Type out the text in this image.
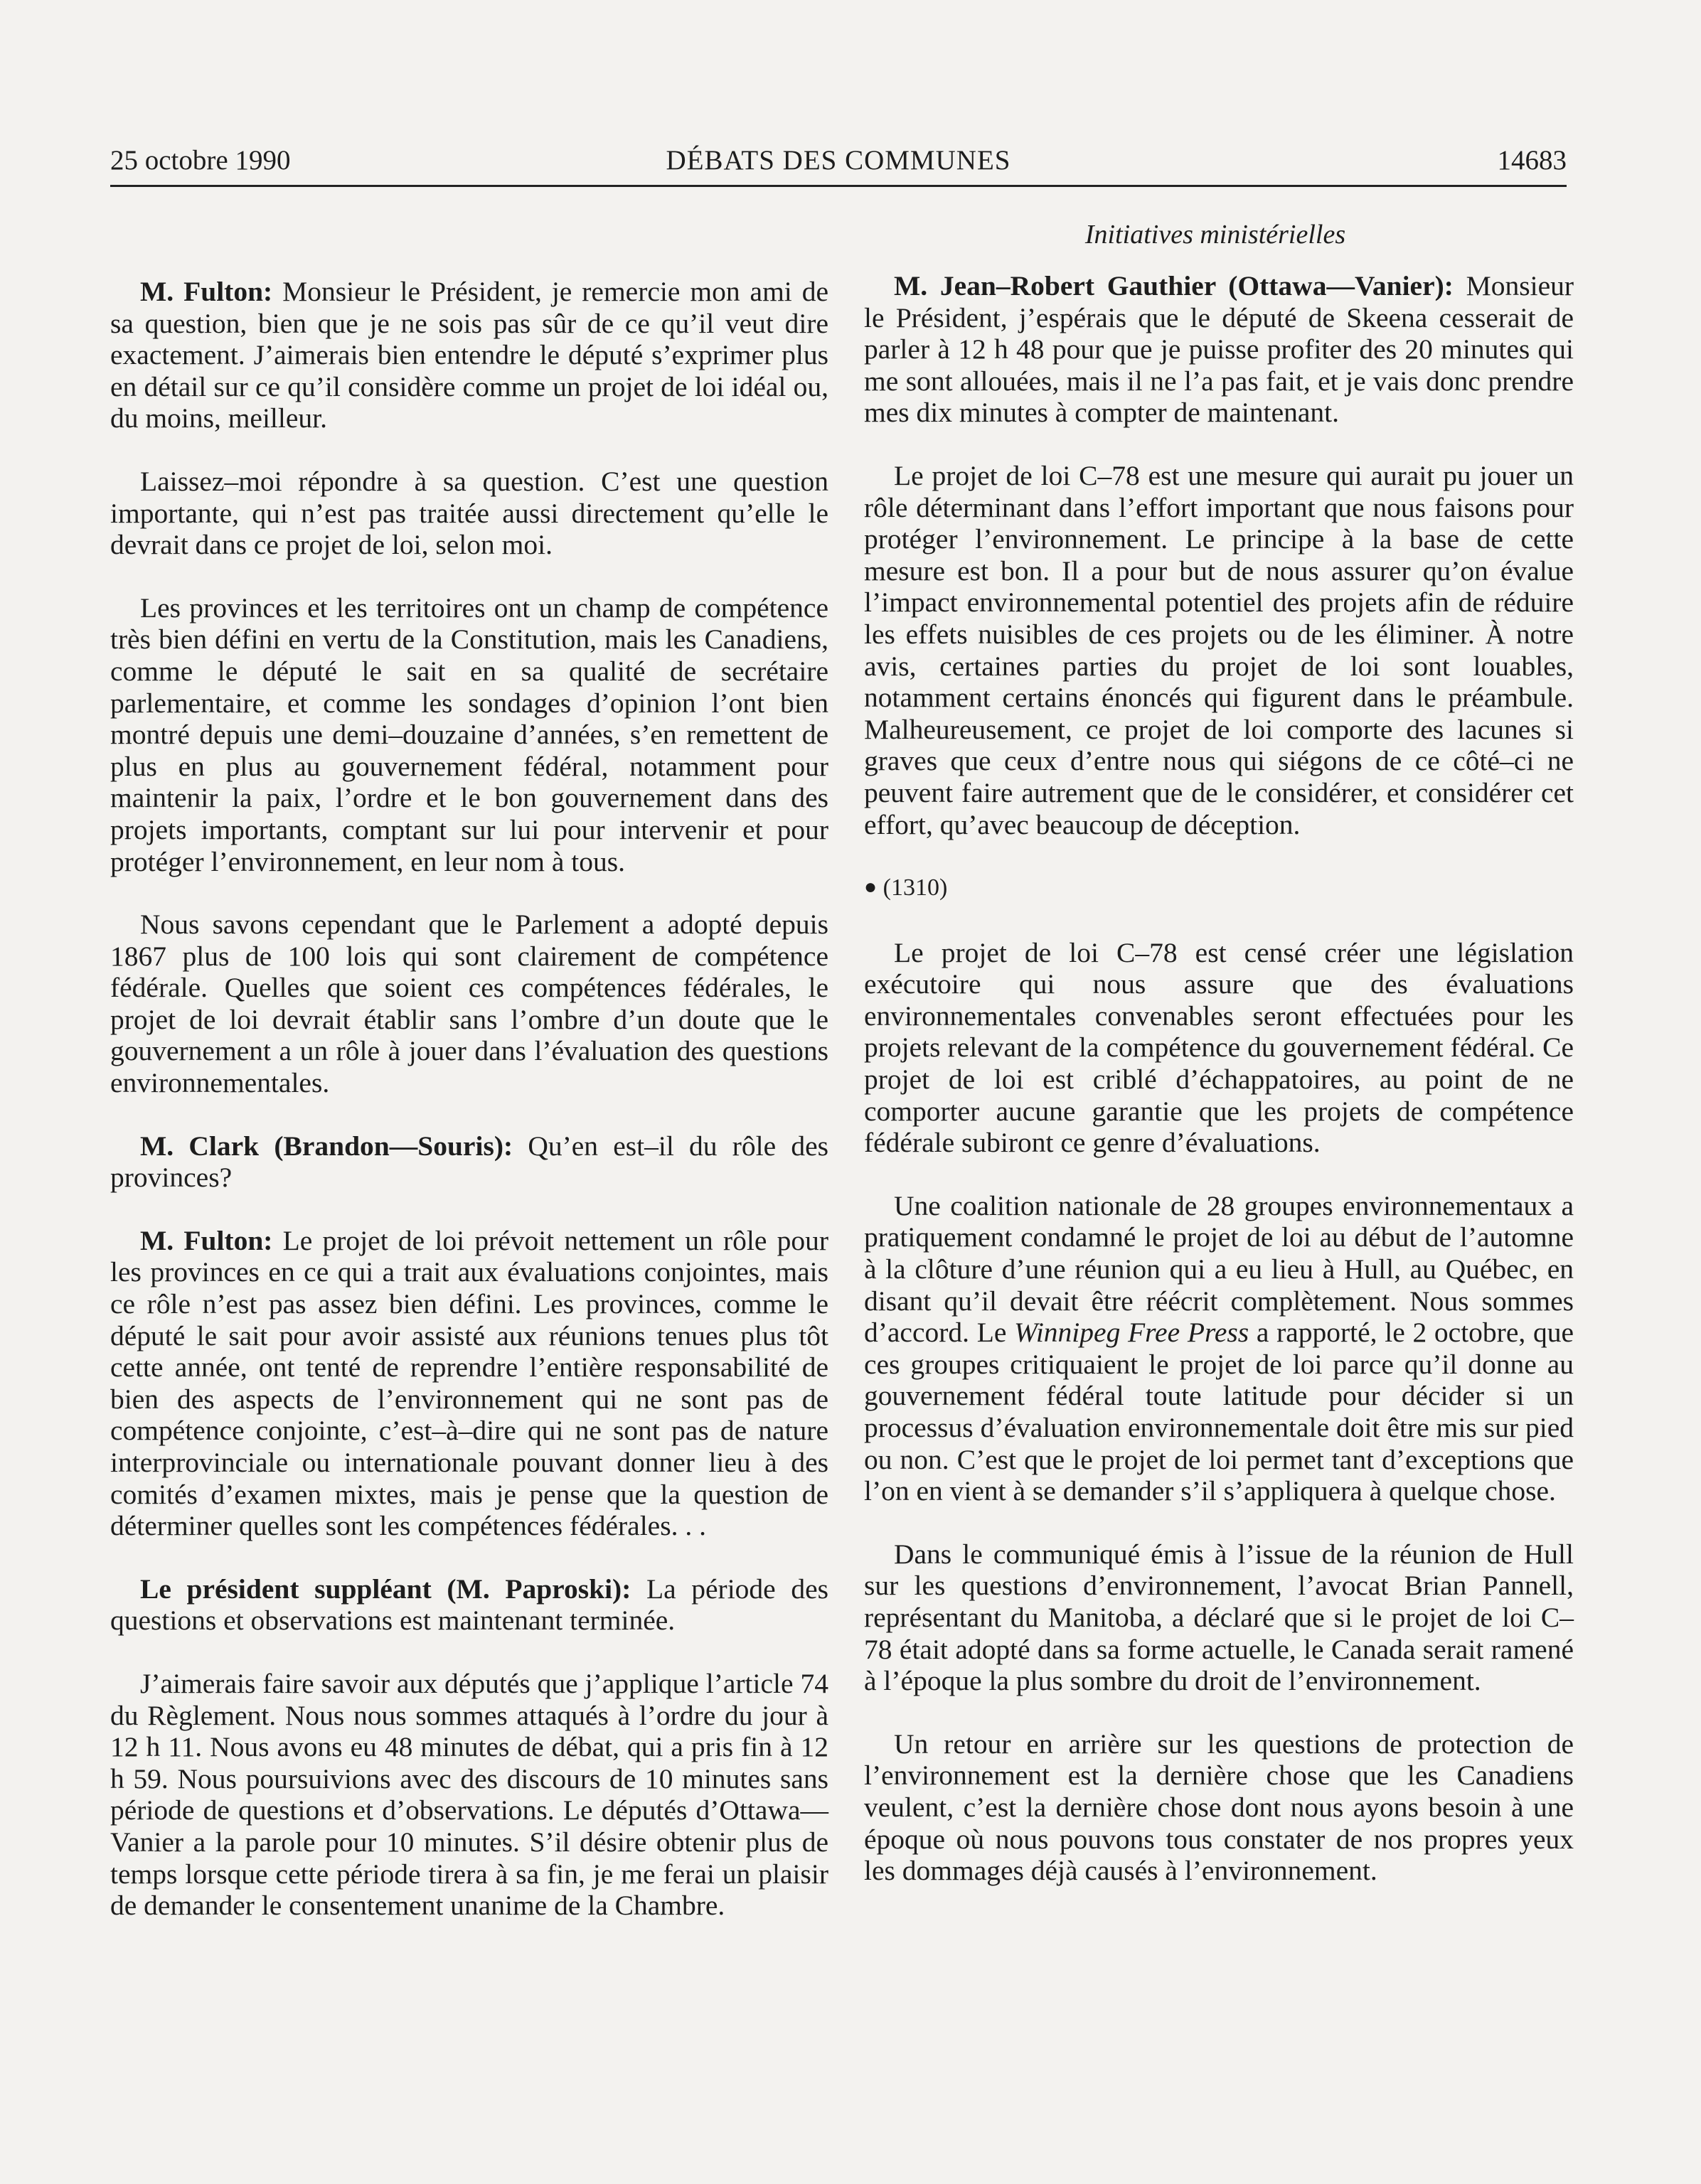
25 octobre 1990	DÉBATS DES COMMUNES	14683
Initiatives ministérielles

M. Fulton: Monsieur le Président, je remercie mon ami de sa question, bien que je ne sois pas sûr de ce qu’il veut dire exactement. J’aimerais bien entendre le député s’exprimer plus en détail sur ce qu’il considère comme un projet de loi idéal ou, du moins, meilleur.

Laissez–moi répondre à sa question. C’est une question importante, qui n’est pas traitée aussi directement qu’elle le devrait dans ce projet de loi, selon moi.

Les provinces et les territoires ont un champ de compétence très bien défini en vertu de la Constitution, mais les Canadiens, comme le député le sait en sa qualité de secrétaire parlementaire, et comme les sondages d’opinion l’ont bien montré depuis une demi–douzaine d’années, s’en remettent de plus en plus au gouvernement fédéral, notamment pour maintenir la paix, l’ordre et le bon gouvernement dans des projets importants, comptant sur lui pour intervenir et pour protéger l’environnement, en leur nom à tous.

Nous savons cependant que le Parlement a adopté depuis 1867 plus de 100 lois qui sont clairement de compétence fédérale. Quelles que soient ces compétences fédérales, le projet de loi devrait établir sans l’ombre d’un doute que le gouvernement a un rôle à jouer dans l’évaluation des questions environnementales.

M. Clark (Brandon—Souris): Qu’en est–il du rôle des provinces?

M. Fulton: Le projet de loi prévoit nettement un rôle pour les provinces en ce qui a trait aux évaluations conjointes, mais ce rôle n’est pas assez bien défini. Les provinces, comme le député le sait pour avoir assisté aux réunions tenues plus tôt cette année, ont tenté de reprendre l’entière responsabilité de bien des aspects de l’environnement qui ne sont pas de compétence conjointe, c’est–à–dire qui ne sont pas de nature interprovinciale ou internationale pouvant donner lieu à des comités d’examen mixtes, mais je pense que la question de déterminer quelles sont les compétences fédérales. . .

Le président suppléant (M. Paproski): La période des questions et observations est maintenant terminée.

J’aimerais faire savoir aux députés que j’applique l’article 74 du Règlement. Nous nous sommes attaqués à l’ordre du jour à 12 h 11. Nous avons eu 48 minutes de débat, qui a pris fin à 12 h 59. Nous poursuivions avec des discours de 10 minutes sans période de questions et d’observations. Le députés d’Ottawa—Vanier a la parole pour 10 minutes. S’il désire obtenir plus de temps lorsque cette période tirera à sa fin, je me ferai un plaisir de demander le consentement unanime de la Chambre.

M. Jean–Robert Gauthier (Ottawa—Vanier): Monsieur le Président, j’espérais que le député de Skeena cesserait de parler à 12 h 48 pour que je puisse profiter des 20 minutes qui me sont allouées, mais il ne l’a pas fait, et je vais donc prendre mes dix minutes à compter de maintenant.

Le projet de loi C–78 est une mesure qui aurait pu jouer un rôle déterminant dans l’effort important que nous faisons pour protéger l’environnement. Le principe à la base de cette mesure est bon. Il a pour but de nous assurer qu’on évalue l’impact environnemental potentiel des projets afin de réduire les effets nuisibles de ces projets ou de les éliminer. À notre avis, certaines parties du projet de loi sont louables, notamment certains énoncés qui figurent dans le préambule. Malheureusement, ce projet de loi comporte des lacunes si graves que ceux d’entre nous qui siégons de ce côté–ci ne peuvent faire autrement que de le considérer, et considérer cet effort, qu’avec beaucoup de déception.

● (1310)

Le projet de loi C–78 est censé créer une législation exécutoire qui nous assure que des évaluations environnementales convenables seront effectuées pour les projets relevant de la compétence du gouvernement fédéral. Ce projet de loi est criblé d’échappatoires, au point de ne comporter aucune garantie que les projets de compétence fédérale subiront ce genre d’évaluations.

Une coalition nationale de 28 groupes environnementaux a pratiquement condamné le projet de loi au début de l’automne à la clôture d’une réunion qui a eu lieu à Hull, au Québec, en disant qu’il devait être réécrit complètement. Nous sommes d’accord. Le Winnipeg Free Press a rapporté, le 2 octobre, que ces groupes critiquaient le projet de loi parce qu’il donne au gouvernement fédéral toute latitude pour décider si un processus d’évaluation environnementale doit être mis sur pied ou non. C’est que le projet de loi permet tant d’exceptions que l’on en vient à se demander s’il s’appliquera à quelque chose.

Dans le communiqué émis à l’issue de la réunion de Hull sur les questions d’environnement, l’avocat Brian Pannell, représentant du Manitoba, a déclaré que si le projet de loi C–78 était adopté dans sa forme actuelle, le Canada serait ramené à l’époque la plus sombre du droit de l’environnement.

Un retour en arrière sur les questions de protection de l’environnement est la dernière chose que les Canadiens veulent, c’est la dernière chose dont nous ayons besoin à une époque où nous pouvons tous constater de nos propres yeux les dommages déjà causés à l’environnement.
